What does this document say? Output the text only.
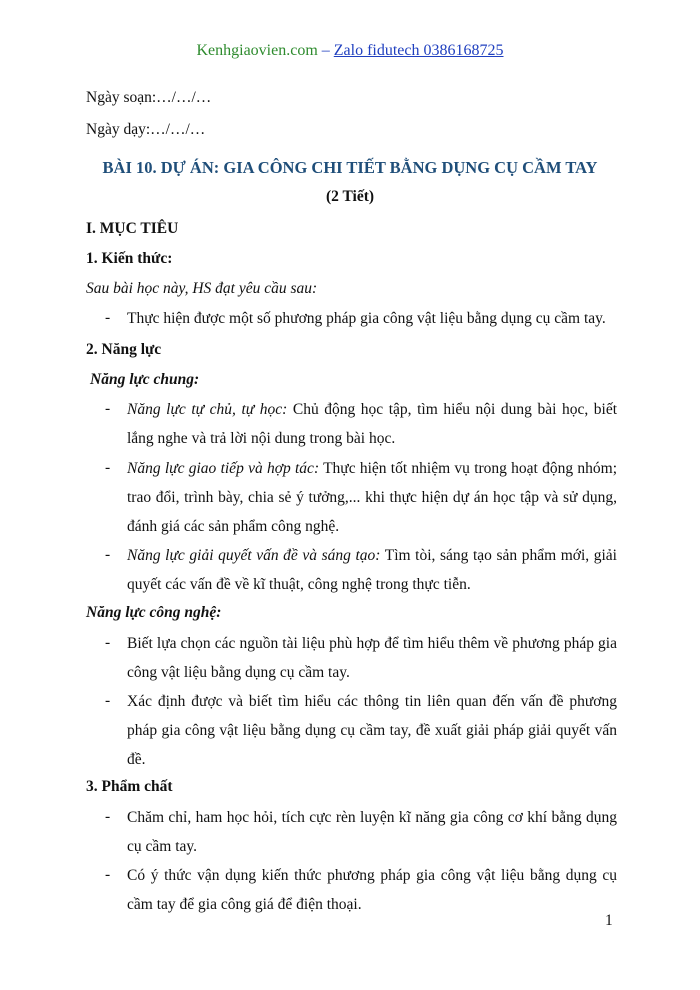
Kenhgiaovien.com – Zalo fidutech 0386168725
Ngày soạn:…/…/…
Ngày dạy:…/…/…
BÀI 10. DỰ ÁN: GIA CÔNG CHI TIẾT BẰNG DỤNG CỤ CẦM TAY
(2 Tiết)
I. MỤC TIÊU
1. Kiến thức:
Sau bài học này, HS đạt yêu cầu sau:
- Thực hiện được một số phương pháp gia công vật liệu bằng dụng cụ cầm tay.
2. Năng lực
Năng lực chung:
- Năng lực tự chủ, tự học: Chủ động học tập, tìm hiểu nội dung bài học, biết lắng nghe và trả lời nội dung trong bài học.
- Năng lực giao tiếp và hợp tác: Thực hiện tốt nhiệm vụ trong hoạt động nhóm; trao đổi, trình bày, chia sẻ ý tưởng,... khi thực hiện dự án học tập và sử dụng, đánh giá các sản phẩm công nghệ.
- Năng lực giải quyết vấn đề và sáng tạo: Tìm tòi, sáng tạo sản phẩm mới, giải quyết các vấn đề về kĩ thuật, công nghệ trong thực tiễn.
Năng lực công nghệ:
- Biết lựa chọn các nguồn tài liệu phù hợp để tìm hiểu thêm về phương pháp gia công vật liệu bằng dụng cụ cầm tay.
- Xác định được và biết tìm hiểu các thông tin liên quan đến vấn đề phương pháp gia công vật liệu bằng dụng cụ cầm tay, đề xuất giải pháp giải quyết vấn đề.
3. Phẩm chất
- Chăm chỉ, ham học hỏi, tích cực rèn luyện kĩ năng gia công cơ khí bằng dụng cụ cầm tay.
- Có ý thức vận dụng kiến thức phương pháp gia công vật liệu bằng dụng cụ cầm tay để gia công giá để điện thoại.
1
